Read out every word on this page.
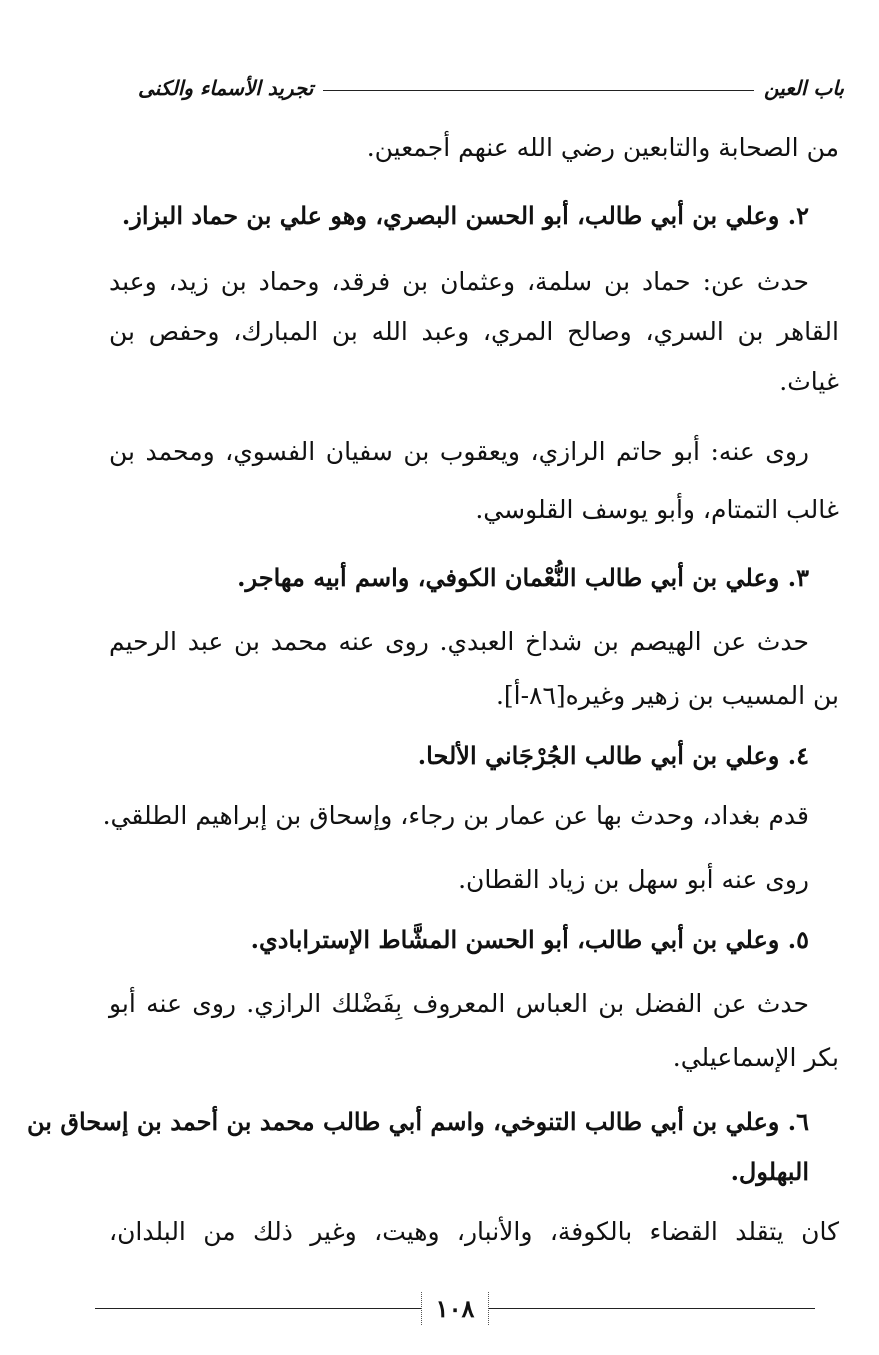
باب العين
تجريد الأسماء والكنى
من الصحابة والتابعين رضي الله عنهم أجمعين.
٢. وعلي بن أبي طالب، أبو الحسن البصري، وهو علي بن حماد البزاز.
حدث عن: حماد بن سلمة، وعثمان بن فرقد، وحماد بن زيد، وعبد
القاهر بن السري، وصالح المري، وعبد الله بن المبارك، وحفص بن
غياث.
روى عنه: أبو حاتم الرازي، ويعقوب بن سفيان الفسوي، ومحمد بن
غالب التمتام، وأبو يوسف القلوسي.
٣. وعلي بن أبي طالب النُّعْمان الكوفي، واسم أبيه مهاجر.
حدث عن الهيصم بن شداخ العبدي. روى عنه محمد بن عبد الرحيم
بن المسيب بن زهير وغيره[٨٦-أ].
٤. وعلي بن أبي طالب الجُرْجَاني الألحا.
قدم بغداد، وحدث بها عن عمار بن رجاء، وإسحاق بن إبراهيم الطلقي.
روى عنه أبو سهل بن زياد القطان.
٥. وعلي بن أبي طالب، أبو الحسن المشَّاط الإسترابادي.
حدث عن الفضل بن العباس المعروف بِفَضْلك الرازي. روى عنه أبو
بكر الإسماعيلي.
٦. وعلي بن أبي طالب التنوخي، واسم أبي طالب محمد بن أحمد بن إسحاق بن
البهلول.
كان يتقلد القضاء بالكوفة، والأنبار، وهيت، وغير ذلك من البلدان،
١٠٨
